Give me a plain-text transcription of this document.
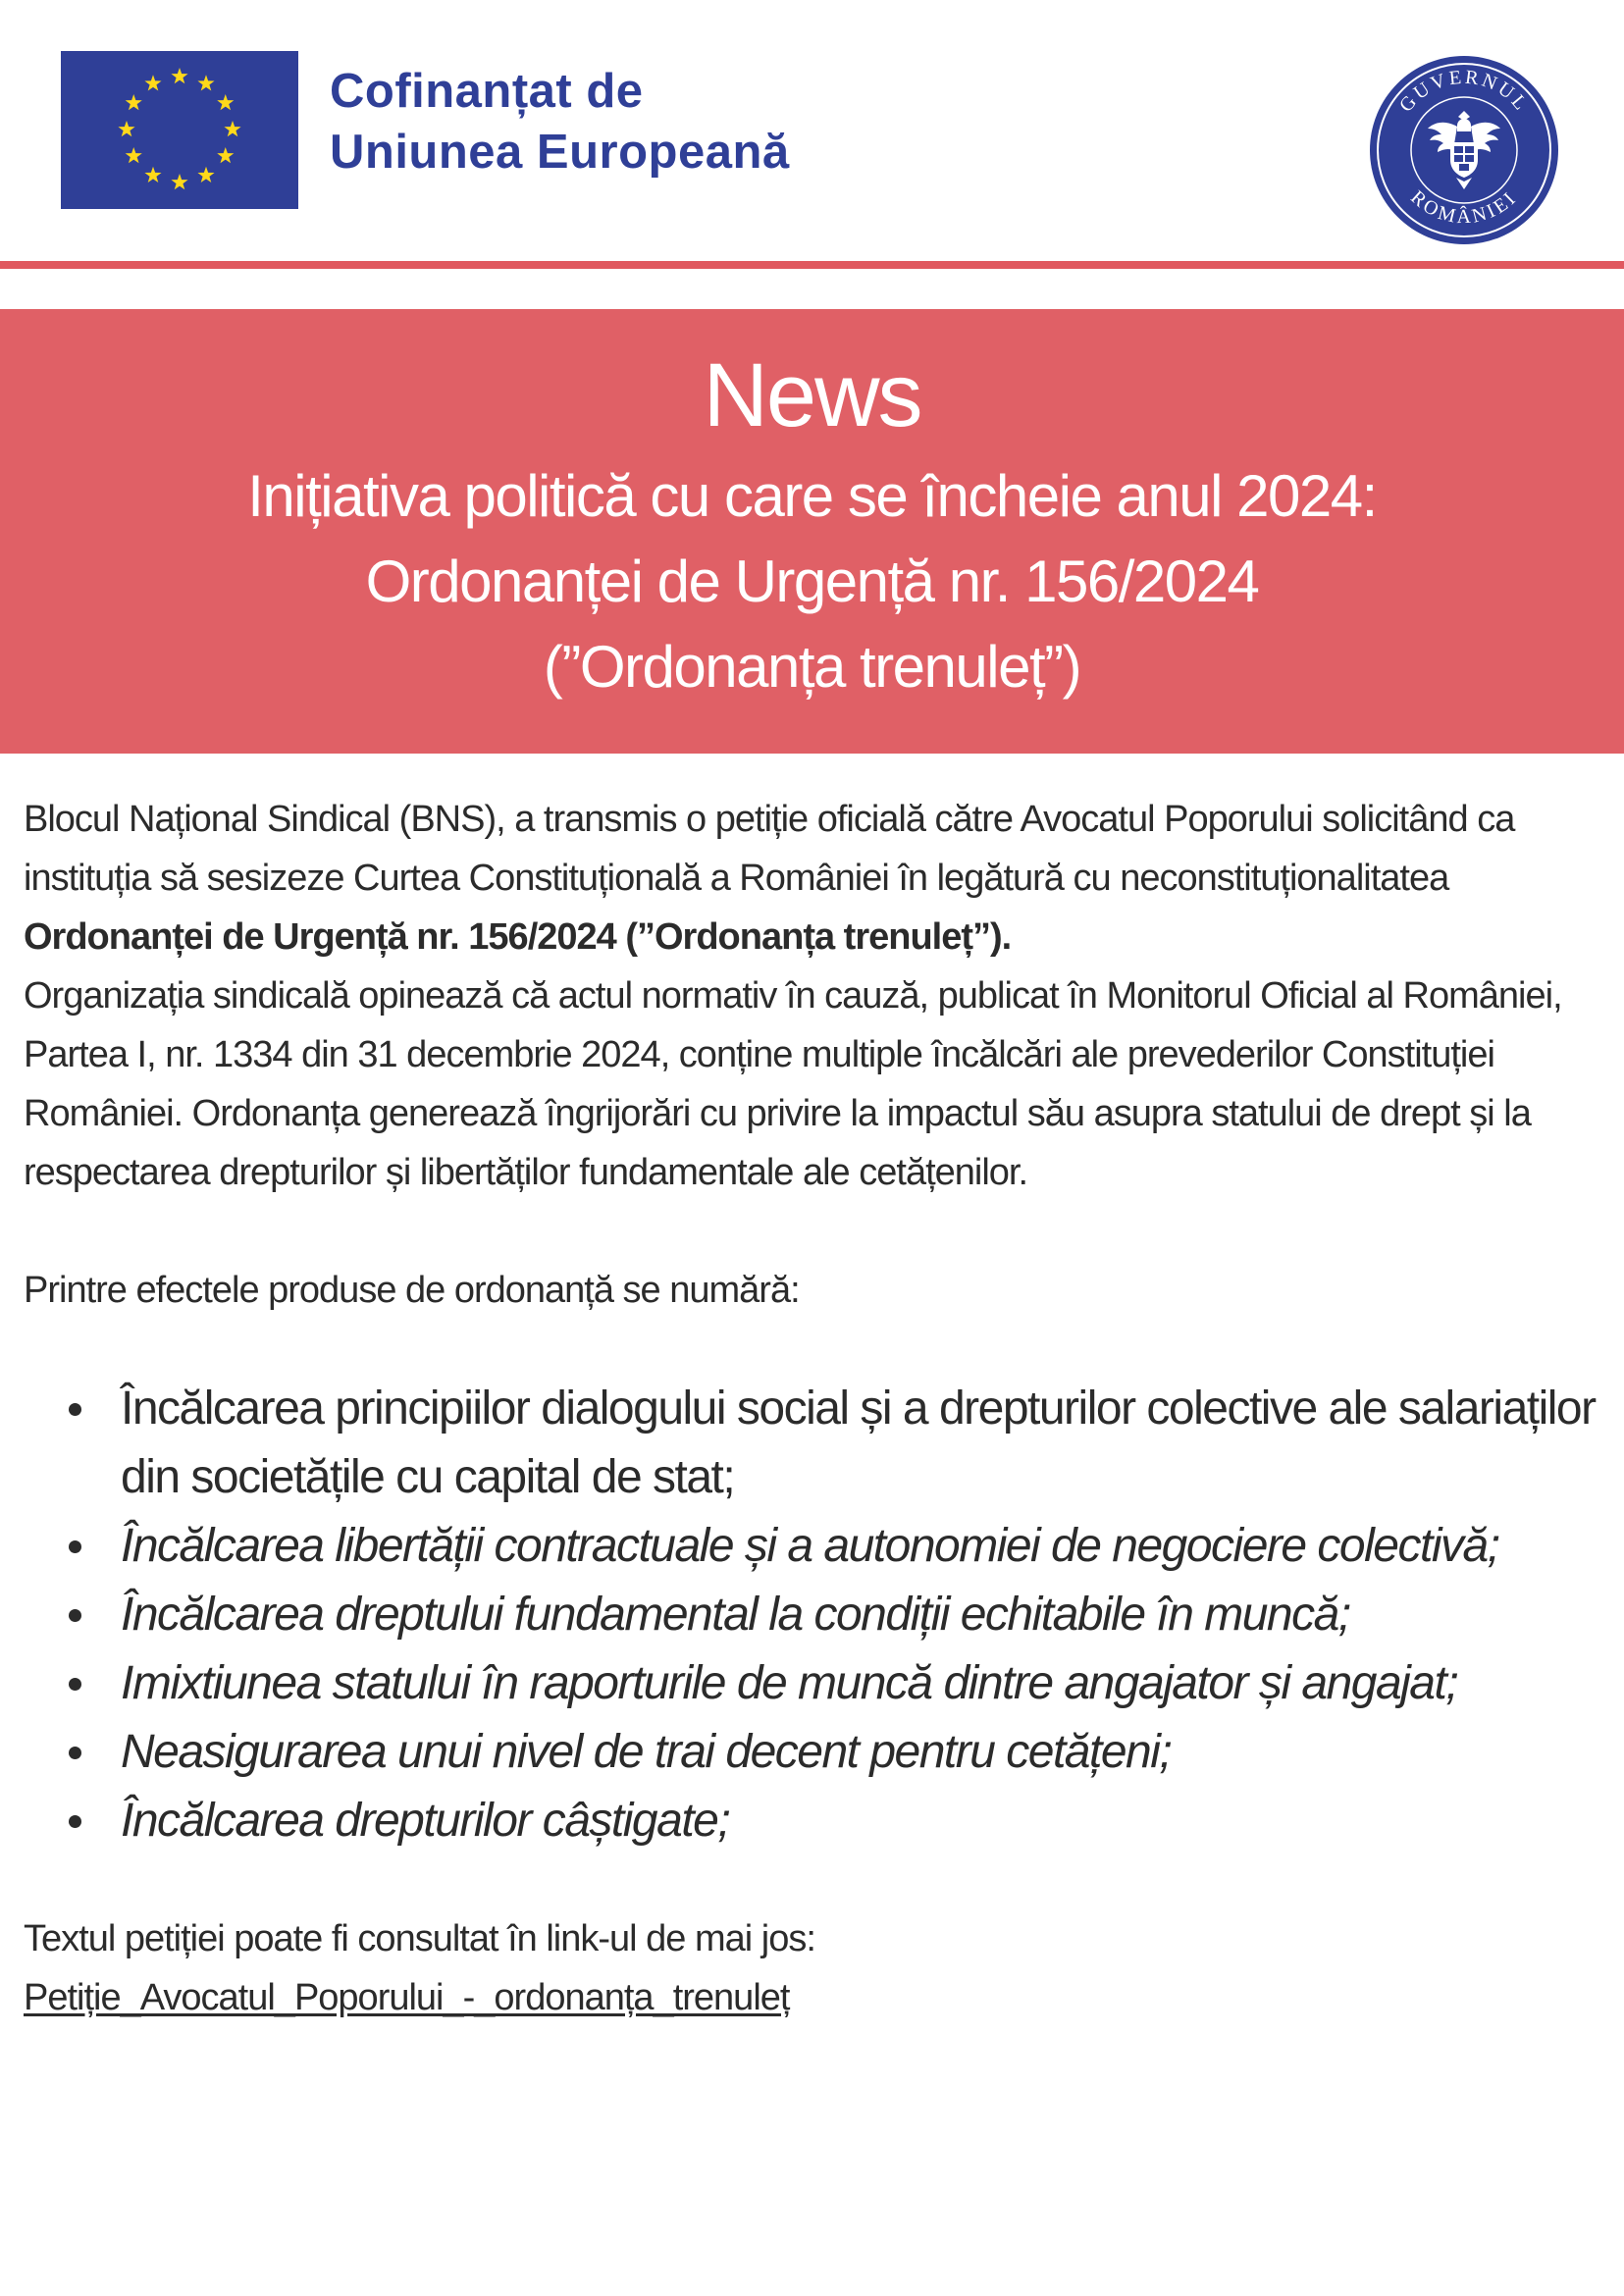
Cofinanțat de
Uniunea Europeană
GUVERNUL
ROMÂNIEI
News
Inițiativa politică cu care se încheie anul 2024:
Ordonanței de Urgență nr. 156/2024
(”Ordonanța trenuleț”)

Blocul Național Sindical (BNS), a transmis o petiție oficială către Avocatul Poporului solicitând ca instituția să sesizeze Curtea Constituțională a României în legătură cu neconstituționalitatea Ordonanței de Urgență nr. 156/2024 (”Ordonanța trenuleț”).

Organizația sindicală opinează că actul normativ în cauză, publicat în Monitorul Oficial al României, Partea I, nr. 1334 din 31 decembrie 2024, conține multiple încălcări ale prevederilor Constituției României. Ordonanța generează îngrijorări cu privire la impactul său asupra statului de drept și la respectarea drepturilor și libertăților fundamentale ale cetățenilor.

Printre efectele produse de ordonanță se numără:

Încălcarea principiilor dialogului social și a drepturilor colective ale salariaților din societățile cu capital de stat;
Încălcarea libertății contractuale și a autonomiei de negociere colectivă;
Încălcarea dreptului fundamental la condiții echitabile în muncă;
Imixtiunea statului în raporturile de muncă dintre angajator și angajat;
Neasigurarea unui nivel de trai decent pentru cetățeni;
Încălcarea drepturilor câștigate;

Textul petiției poate fi consultat în link-ul de mai jos:

Petiție_Avocatul_Poporului_-_ordonanța_trenuleț
